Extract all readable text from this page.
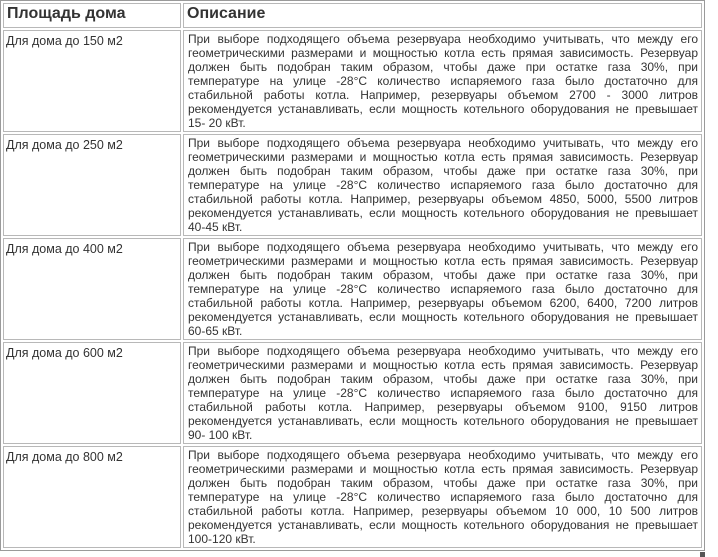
Площадь дома	Описание
Для дома до 150 м2	При выборе подходящего объема резервуара необходимо учитывать, что между его геометрическими размерами и мощностью котла есть прямая зависимость. Резервуар должен быть подобран таким образом, чтобы даже при остатке газа 30%, при температуре на улице -28°С количество испаряемого газа было достаточно для стабильной работы котла. Например, резервуары объемом 2700 - 3000 литров рекомендуется устанавливать, если мощность котельного оборудования не превышает 15- 20 кВт.
Для дома до 250 м2	При выборе подходящего объема резервуара необходимо учитывать, что между его геометрическими размерами и мощностью котла есть прямая зависимость. Резервуар должен быть подобран таким образом, чтобы даже при остатке газа 30%, при температуре на улице -28°С количество испаряемого газа было достаточно для стабильной работы котла. Например, резервуары объемом 4850, 5000, 5500 литров рекомендуется устанавливать, если мощность котельного оборудования не превышает 40-45 кВт.
Для дома до 400 м2	При выборе подходящего объема резервуара необходимо учитывать, что между его геометрическими размерами и мощностью котла есть прямая зависимость. Резервуар должен быть подобран таким образом, чтобы даже при остатке газа 30%, при температуре на улице -28°С количество испаряемого газа было достаточно для стабильной работы котла. Например, резервуары объемом 6200, 6400, 7200 литров рекомендуется устанавливать, если мощность котельного оборудования не превышает 60-65 кВт.
Для дома до 600 м2	При выборе подходящего объема резервуара необходимо учитывать, что между его геометрическими размерами и мощностью котла есть прямая зависимость. Резервуар должен быть подобран таким образом, чтобы даже при остатке газа 30%, при температуре на улице -28°С количество испаряемого газа было достаточно для стабильной работы котла. Например, резервуары объемом 9100, 9150 литров рекомендуется устанавливать, если мощность котельного оборудования не превышает 90- 100 кВт.
Для дома до 800 м2	При выборе подходящего объема резервуара необходимо учитывать, что между его геометрическими размерами и мощностью котла есть прямая зависимость. Резервуар должен быть подобран таким образом, чтобы даже при остатке газа 30%, при температуре на улице -28°С количество испаряемого газа было достаточно для стабильной работы котла. Например, резервуары объемом 10 000, 10 500 литров рекомендуется устанавливать, если мощность котельного оборудования не превышает 100-120 кВт.
